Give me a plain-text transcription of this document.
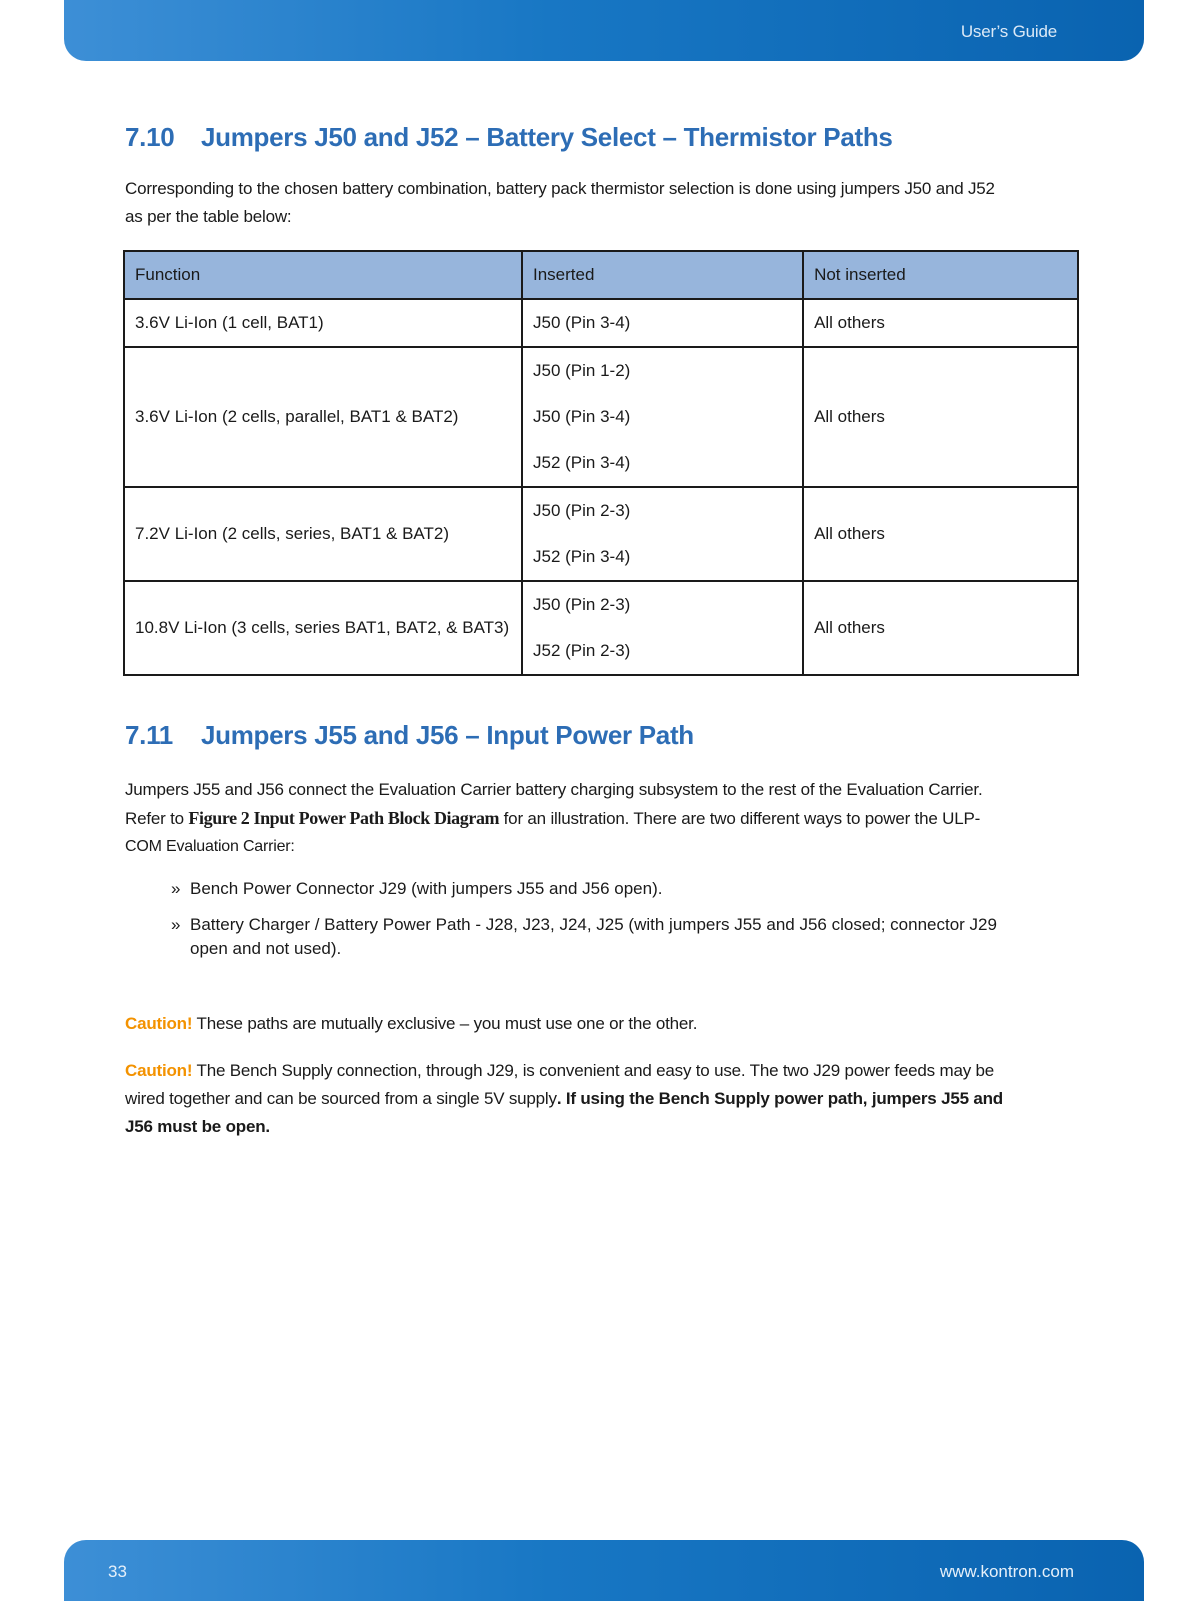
User’s Guide
7.10 Jumpers J50 and J52 – Battery Select – Thermistor Paths
Corresponding to the chosen battery combination, battery pack thermistor selection is done using jumpers J50 and J52
as per the table below:
Function	Inserted	Not inserted
3.6V Li-Ion (1 cell, BAT1)	J50 (Pin 3-4)	All others
3.6V Li-Ion (2 cells, parallel, BAT1 & BAT2)	J50 (Pin 1-2)
J50 (Pin 3-4)
J52 (Pin 3-4)	All others
7.2V Li-Ion (2 cells, series, BAT1 & BAT2)	J50 (Pin 2-3)
J52 (Pin 3-4)	All others
10.8V Li-Ion (3 cells, series BAT1, BAT2, & BAT3)	J50 (Pin 2-3)
J52 (Pin 2-3)	All others
7.11 Jumpers J55 and J56 – Input Power Path
Jumpers J55 and J56 connect the Evaluation Carrier battery charging subsystem to the rest of the Evaluation Carrier.
Refer to Figure 2 Input Power Path Block Diagram for an illustration. There are two different ways to power the ULP-
COM Evaluation Carrier:
» Bench Power Connector J29 (with jumpers J55 and J56 open).
» Battery Charger / Battery Power Path - J28, J23, J24, J25 (with jumpers J55 and J56 closed; connector J29
open and not used).
Caution! These paths are mutually exclusive – you must use one or the other.
Caution! The Bench Supply connection, through J29, is convenient and easy to use. The two J29 power feeds may be
wired together and can be sourced from a single 5V supply. If using the Bench Supply power path, jumpers J55 and
J56 must be open.
33	www.kontron.com
